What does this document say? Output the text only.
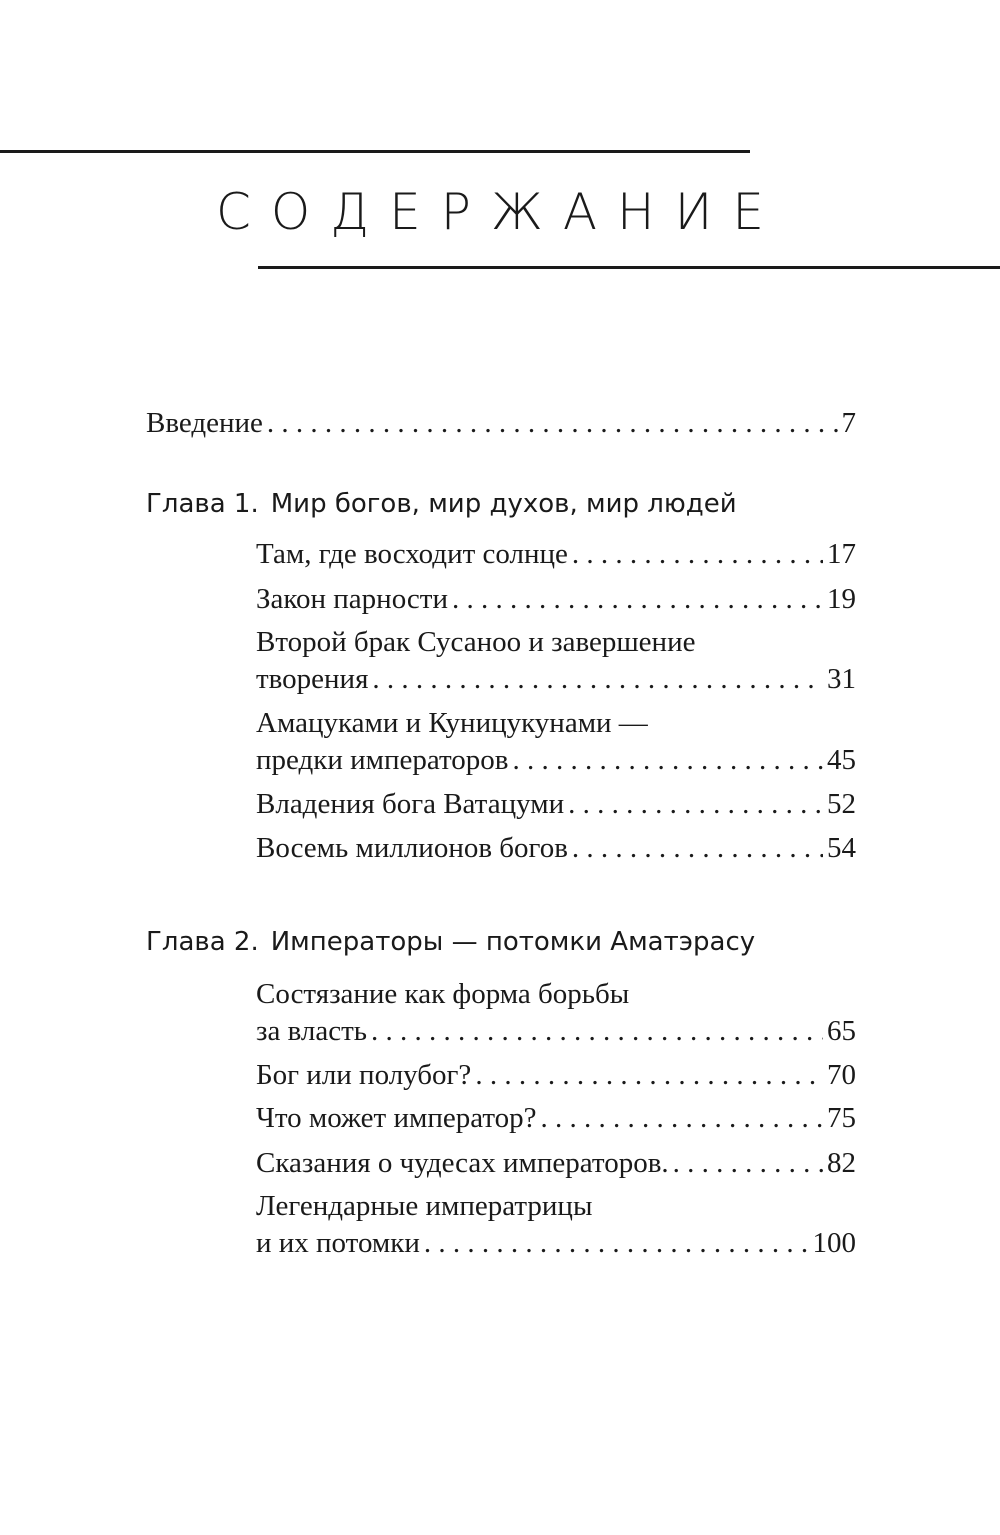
СОДЕРЖАНИЕ
Введение . . .	7
Глава 1. Мир богов, мир духов, мир людей
Там, где восходит солнце . . .	17
Закон парности . . .	19
Второй брак Сусаноо и завершение
творения . . .	31
Амацуками и Куницукунами —
предки императоров . . .	45
Владения бога Ватацуми . . .	52
Восемь миллионов богов . . .	54
Глава 2. Императоры — потомки Аматэрасу
Состязание как форма борьбы
за власть . . .	65
Бог или полубог? . . .	70
Что может император? . . .	75
Сказания о чудесах императоров. . . .	82
Легендарные императрицы
и их потомки . . .	100
